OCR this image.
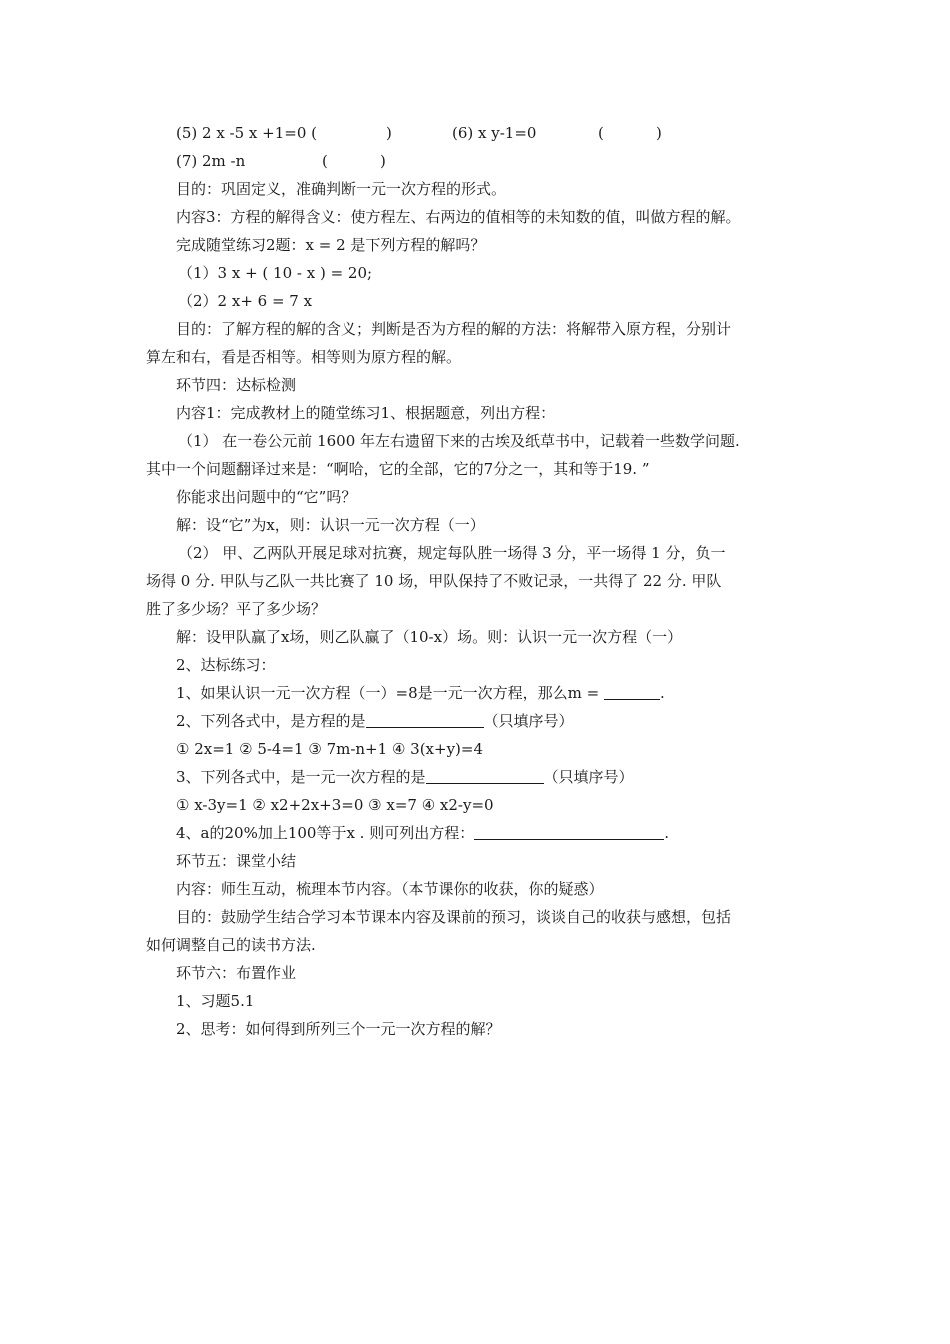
(5) 2 x -5 x +1=0 (	)	(6) x y-1=0	(	)
(7) 2m -n	(	)
目的：巩固定义，准确判断一元一次方程的形式。
内容3：方程的解得含义：使方程左、右两边的值相等的未知数的值，叫做方程的解。
完成随堂练习2题：x = 2 是下列方程的解吗？
（1）3 x + ( 10 - x ) = 20;
（2）2 x+ 6 = 7 x
目的：了解方程的解的含义；判断是否为方程的解的方法：将解带入原方程，分别计
算左和右，看是否相等。相等则为原方程的解。
环节四：达标检测
内容1：完成教材上的随堂练习1、根据题意，列出方程：
（1） 在一卷公元前 1600 年左右遗留下来的古埃及纸草书中，记载着一些数学问题.
其中一个问题翻译过来是：“啊哈，它的全部，它的7分之一，其和等于19. ”
你能求出问题中的“它”吗？
解：设“它”为x，则：认识一元一次方程（一）
（2） 甲、乙两队开展足球对抗赛，规定每队胜一场得 3 分，平一场得 1 分，负一
场得 0 分. 甲队与乙队一共比赛了 10 场，甲队保持了不败记录，一共得了 22 分. 甲队
胜了多少场？平了多少场？
解：设甲队赢了x场，则乙队赢了（10-x）场。则：认识一元一次方程（一）
2、达标练习：
1、如果认识一元一次方程（一）=8是一元一次方程，那么m =	.
2、下列各式中，是方程的是	（只填序号）
① 2x=1 ② 5-4=1 ③ 7m-n+1 ④ 3(x+y)=4
3、下列各式中，是一元一次方程的是	（只填序号）
① x-3y=1 ② x2+2x+3=0 ③ x=7 ④ x2-y=0
4、a的20%加上100等于x . 则可列出方程：	.
环节五：课堂小结
内容：师生互动，梳理本节内容。（本节课你的收获，你的疑惑）
目的：鼓励学生结合学习本节课本内容及课前的预习，谈谈自己的收获与感想，包括
如何调整自己的读书方法.
环节六：布置作业
1、习题5.1
2、思考：如何得到所列三个一元一次方程的解？
